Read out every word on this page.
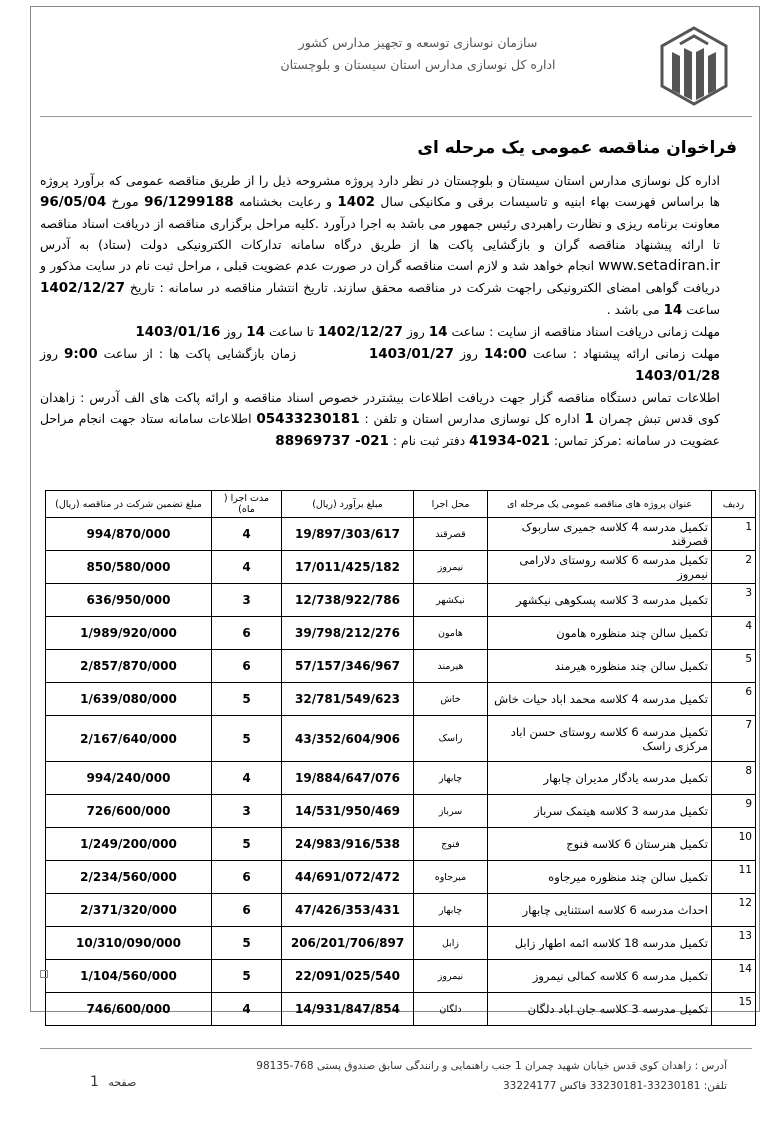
سازمان نوسازی توسعه و تجهیز مدارس کشور
اداره کل نوسازی مدارس استان سیستان و بلوچستان
فراخوان مناقصه عمومی یک مرحله ای

اداره کل نوسازی مدارس استان سیستان و بلوچستان در نظر دارد پروژه مشروحه ذیل را از طریق مناقصه عمومی که برآورد پروژه ها براساس فهرست بهاء ابنیه و تاسیسات برقی و مکانیکی سال 1402 و رعایت بخشنامه 96/1299188 مورخ 96/05/04 معاونت برنامه ریزی و نظارت راهبردی رئیس جمهور می باشد به اجرا درآورد .کلیه مراحل برگزاری مناقصه از دریافت اسناد مناقصه تا ارائه پیشنهاد مناقصه گران و بازگشایی پاکت ها از طریق درگاه سامانه تدارکات الکترونیکی دولت (ستاد) به آدرس www.setadiran.ir انجام خواهد شد و لازم است مناقصه گران در صورت عدم عضویت قبلی ، مراحل ثبت نام در سایت مذکور و دریافت گواهی امضای الکترونیکی راجهت شرکت در مناقصه محقق سازند. تاریخ انتشار مناقصه در سامانه : تاریخ 1402/12/27 ساعت 14 می باشد .

مهلت زمانی دریافت اسناد مناقصه از سایت : ساعت 14 روز 1402/12/27 تا ساعت 14 روز 1403/01/16

مهلت زمانی ارائه پیشنهاد : ساعت 14:00 روز 1403/01/27            زمان بازگشایی پاکت ها : از ساعت 9:00 روز 1403/01/28

اطلاعات تماس دستگاه مناقصه گزار جهت دریافت اطلاعات بیشتردر خصوص اسناد مناقصه و ارائه پاکت های الف آدرس : زاهدان کوی قدس تبش چمران 1 اداره کل نوسازی مدارس استان و تلفن : 05433230181 اطلاعات سامانه ستاد جهت انجام مراحل عضویت در سامانه :مرکز تماس: 021-41934 دفتر ثبت نام : 021- 88969737

ردیف	عنوان پروژه های مناقصه عمومی یک مرحله ای	محل اجرا	مبلغ برآورد (ریال)	مدت اجرا ( ماه)	مبلغ تضمین شرکت در مناقصه (ریال)
1	تکمیل مدرسه 4 کلاسه جمیری ساربوک قصرقند	قصرقند	19/897/303/617	4	994/870/000
2	تکمیل مدرسه 6 کلاسه روستای دلارامی نیمروز	نیمروز	17/011/425/182	4	850/580/000
3	تکمیل مدرسه 3 کلاسه پسکوهی نیکشهر	نیکشهر	12/738/922/786	3	636/950/000
4	تکمیل سالن چند منظوره هامون	هامون	39/798/212/276	6	1/989/920/000
5	تکمیل سالن چند منظوره هیرمند	هیرمند	57/157/346/967	6	2/857/870/000
6	تکمیل مدرسه 4 کلاسه محمد اباد حیات خاش	خاش	32/781/549/623	5	1/639/080/000
7	تکمیل مدرسه 6 کلاسه روستای حسن اباد مرکزی راسک	راسک	43/352/604/906	5	2/167/640/000
8	تکمیل مدرسه یادگار مدیران چابهار	چابهار	19/884/647/076	4	994/240/000
9	تکمیل مدرسه 3 کلاسه هیتمک سرباز	سرباز	14/531/950/469	3	726/600/000
10	تکمیل هنرستان 6 کلاسه فنوج	فنوج	24/983/916/538	5	1/249/200/000
11	تکمیل سالن چند منظوره میرجاوه	میرجاوه	44/691/072/472	6	2/234/560/000
12	احداث مدرسه 6 کلاسه استثنایی چابهار	چابهار	47/426/353/431	6	2/371/320/000
13	تکمیل مدرسه 18 کلاسه ائمه اطهار زابل	زابل	206/201/706/897	5	10/310/090/000
14	تکمیل مدرسه 6 کلاسه کمالی نیمروز	نیمروز	22/091/025/540	5	1/104/560/000
15	تکمیل مدرسه 3 کلاسه جان اباد دلگان	دلگان	14/931/847/854	4	746/600/000
آدرس : زاهدان کوی قدس خیابان شهید چمران 1 جنب راهنمایی و رانندگی سابق صندوق پستی 768-98135
تلفن: 33230181-33230181 فاکس 33224177
صفحه 1
